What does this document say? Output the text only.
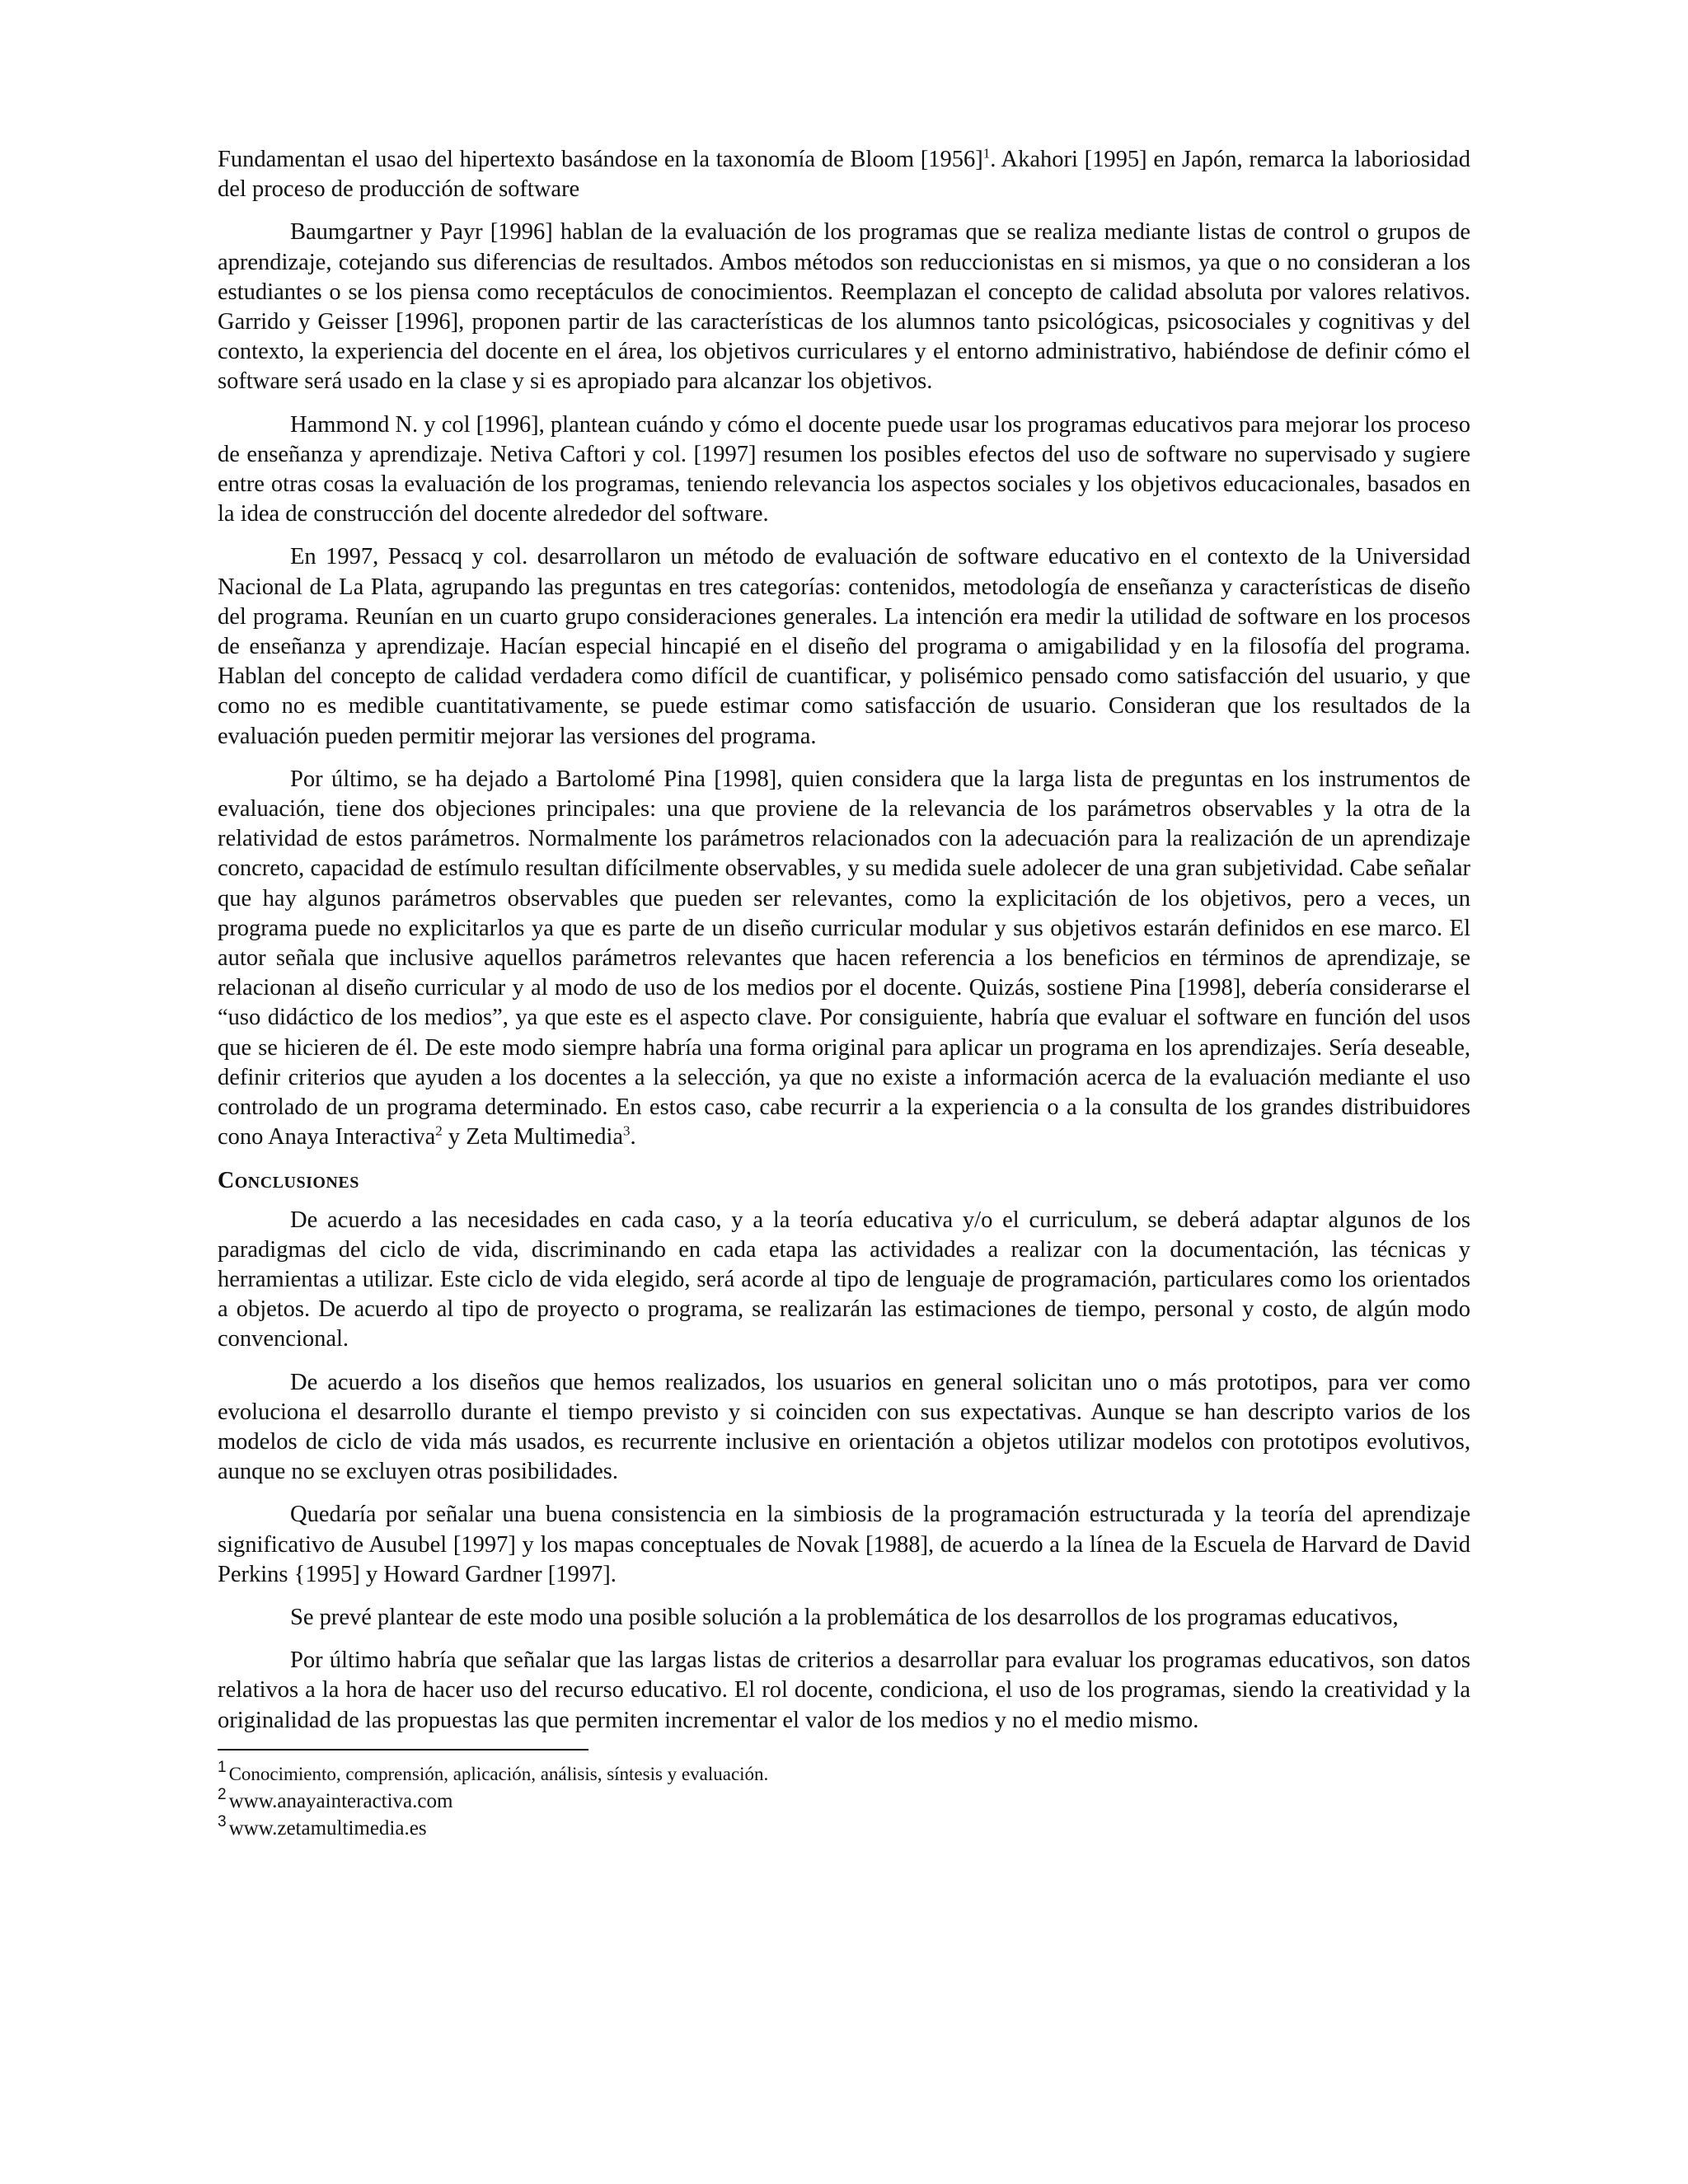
Fundamentan el usao del hipertexto basándose en la taxonomía de Bloom [1956]$^1$. Akahori [1995] en Japón, remarca la laboriosidad del proceso de producción de software

Baumgartner y Payr [1996] hablan de la evaluación de los programas que se realiza mediante listas de control o grupos de aprendizaje, cotejando sus diferencias de resultados. Ambos métodos son reduccionistas en si mismos, ya que o no consideran a los estudiantes o se los piensa como receptáculos de conocimientos. Reemplazan el concepto de calidad absoluta por valores relativos. Garrido y Geisser [1996], proponen partir de las características de los alumnos tanto psicológicas, psicosociales y cognitivas y del contexto, la experiencia del docente en el área, los objetivos curriculares y el entorno administrativo, habiéndose de definir cómo el software será usado en la clase y si es apropiado para alcanzar los objetivos.

Hammond N. y col [1996], plantean cuándo y cómo el docente puede usar los programas educativos para mejorar los proceso de enseñanza y aprendizaje. Netiva Caftori y col. [1997] resumen los posibles efectos del uso de software no supervisado y sugiere entre otras cosas la evaluación de los programas, teniendo relevancia los aspectos sociales y los objetivos educacionales, basados en la idea de construcción del docente alrededor del software.

En 1997, Pessacq y col. desarrollaron un método de evaluación de software educativo en el contexto de la Universidad Nacional de La Plata, agrupando las preguntas en tres categorías: contenidos, metodología de enseñanza y características de diseño del programa. Reunían en un cuarto grupo consideraciones generales. La intención era medir la utilidad de software en los procesos de enseñanza y aprendizaje. Hacían especial hincapié en el diseño del programa o amigabilidad y en la filosofía del programa. Hablan del concepto de calidad verdadera como difícil de cuantificar, y polisémico pensado como satisfacción del usuario, y que como no es medible cuantitativamente, se puede estimar como satisfacción de usuario. Consideran que los resultados de la evaluación pueden permitir mejorar las versiones del programa.

Por último, se ha dejado a Bartolomé Pina [1998], quien considera que la larga lista de preguntas en los instrumentos de evaluación, tiene dos objeciones principales: una que proviene de la relevancia de los parámetros observables y la otra de la relatividad de estos parámetros. Normalmente los parámetros relacionados con la adecuación para la realización de un aprendizaje concreto, capacidad de estímulo resultan difícilmente observables, y su medida suele adolecer de una gran subjetividad. Cabe señalar que hay algunos parámetros observables que pueden ser relevantes, como la explicitación de los objetivos, pero a veces, un programa puede no explicitarlos ya que es parte de un diseño curricular modular y sus objetivos estarán definidos en ese marco. El autor señala que inclusive aquellos parámetros relevantes que hacen referencia a los beneficios en términos de aprendizaje, se relacionan al diseño curricular y al modo de uso de los medios por el docente. Quizás, sostiene Pina [1998], debería considerarse el “uso didáctico de los medios”, ya que este es el aspecto clave. Por consiguiente, habría que evaluar el software en función del usos que se hicieren de él. De este modo siempre habría una forma original para aplicar un programa en los aprendizajes. Sería deseable, definir criterios que ayuden a los docentes a la selección, ya que no existe a información acerca de la evaluación mediante el uso controlado de un programa determinado. En estos caso, cabe recurrir a la experiencia o a la consulta de los grandes distribuidores cono Anaya Interactiva$^2$ y Zeta Multimedia$^3$.

Conclusiones

De acuerdo a las necesidades en cada caso, y a la teoría educativa y/o el curriculum, se deberá adaptar algunos de los paradigmas del ciclo de vida, discriminando en cada etapa las actividades a realizar con la documentación, las técnicas y herramientas a utilizar. Este ciclo de vida elegido, será acorde al tipo de lenguaje de programación, particulares como los orientados a objetos. De acuerdo al tipo de proyecto o programa, se realizarán las estimaciones de tiempo, personal y costo, de algún modo convencional.

De acuerdo a los diseños que hemos realizados, los usuarios en general solicitan uno o más prototipos, para ver como evoluciona el desarrollo durante el tiempo previsto y si coinciden con sus expectativas. Aunque se han descripto varios de los modelos de ciclo de vida más usados, es recurrente inclusive en orientación a objetos utilizar modelos con prototipos evolutivos, aunque no se excluyen otras posibilidades.

Quedaría por señalar una buena consistencia en la simbiosis de la programación estructurada y la teoría del aprendizaje significativo de Ausubel [1997] y los mapas conceptuales de Novak [1988], de acuerdo a la línea de la Escuela de Harvard de David Perkins {1995] y Howard Gardner [1997].

Se prevé plantear de este modo una posible solución a la problemática de los desarrollos de los programas educativos,

Por último habría que señalar que las largas listas de criterios a desarrollar para evaluar los programas educativos, son datos relativos a la hora de hacer uso del recurso educativo. El rol docente, condiciona, el uso de los programas, siendo la creatividad y la originalidad de las propuestas las que permiten incrementar el valor de los medios y no el medio mismo.

$^1$ Conocimiento, comprensión, aplicación, análisis, síntesis y evaluación.

$^2$ www.anayainteractiva.com

$^3$ www.zetamultimedia.es
